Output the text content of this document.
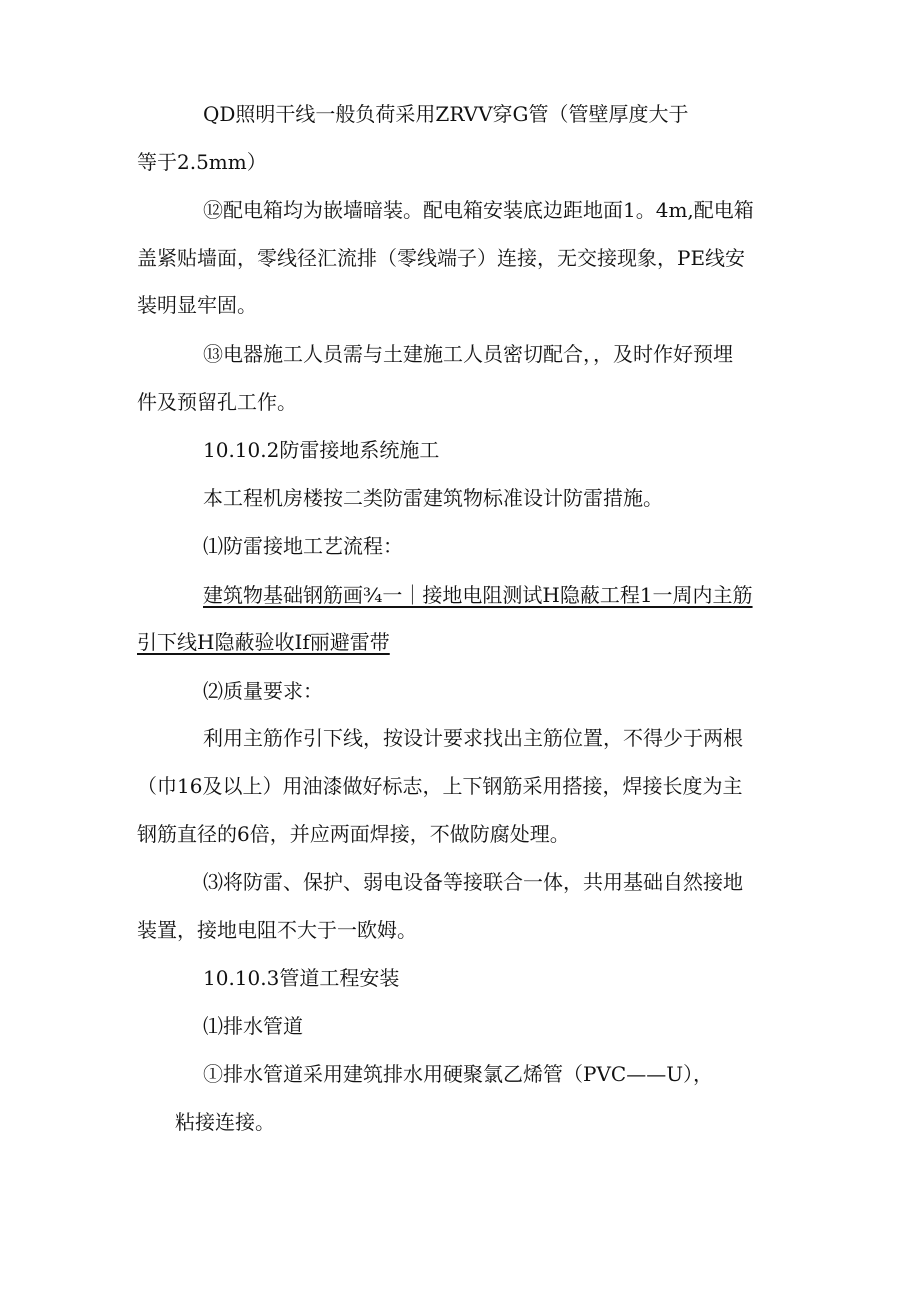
QD照明干线一般负荷采用ZRVV穿G管（管壁厚度大于
等于2.5mm）
⑫配电箱均为嵌墙暗装。配电箱安装底边距地面1。4m,配电箱
盖紧贴墙面，零线径汇流排（零线端子）连接，无交接现象，PE线安
装明显牢固。
⑬电器施工人员需与土建施工人员密切配合，，及时作好预埋
件及预留孔工作。
10.10.2防雷接地系统施工
本工程机房楼按二类防雷建筑物标准设计防雷措施。
⑴防雷接地工艺流程：
建筑物基础钢筋画¾一｜接地电阻测试H隐蔽工程1一周内主筋
引下线H隐蔽验收If丽避雷带
⑵质量要求：
利用主筋作引下线，按设计要求找出主筋位置，不得少于两根
（巾16及以上）用油漆做好标志，上下钢筋采用搭接，焊接长度为主
钢筋直径的6倍，并应两面焊接，不做防腐处理。
⑶将防雷、保护、弱电设备等接联合一体，共用基础自然接地
装置，接地电阻不大于一欧姆。
10.10.3管道工程安装
⑴排水管道
①排水管道采用建筑排水用硬聚氯乙烯管（PVC——U），
粘接连接。
